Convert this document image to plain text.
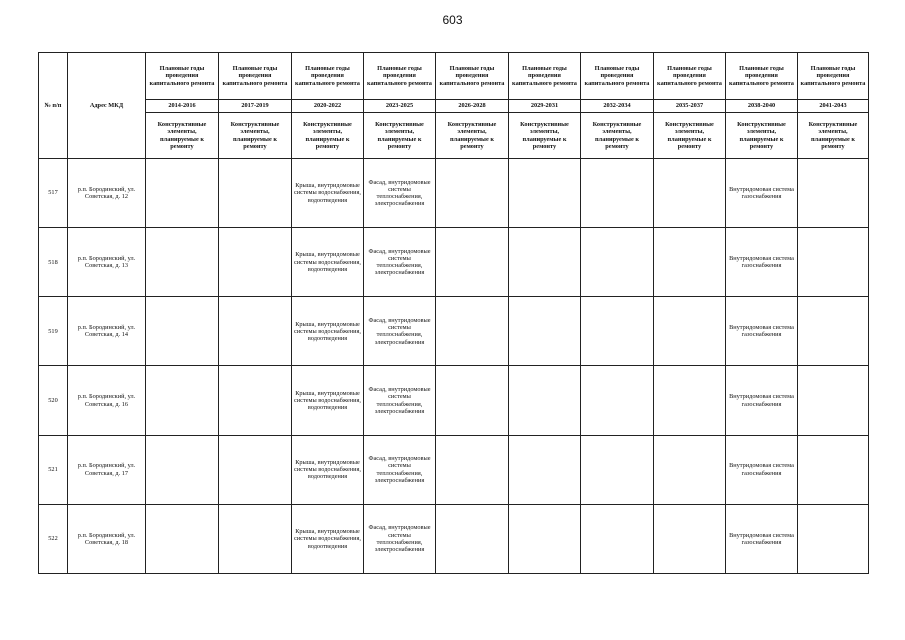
603
№ п/п	Адрес МКД	Плановые годы проведения капитального ремонта	Плановые годы проведения капитального ремонта	Плановые годы проведения капитального ремонта	Плановые годы проведения капитального ремонта	Плановые годы проведения капитального ремонта	Плановые годы проведения капитального ремонта	Плановые годы проведения капитального ремонта	Плановые годы проведения капитального ремонта	Плановые годы проведения капитального ремонта	Плановые годы проведения капитального ремонта
		2014-2016	2017-2019	2020-2022	2023-2025	2026-2028	2029-2031	2032-2034	2035-2037	2038-2040	2041-2043
		Конструктивные элементы, планируемые к ремонту	Конструктивные элементы, планируемые к ремонту	Конструктивные элементы, планируемые к ремонту	Конструктивные элементы, планируемые к ремонту	Конструктивные элементы, планируемые к ремонту	Конструктивные элементы, планируемые к ремонту	Конструктивные элементы, планируемые к ремонту	Конструктивные элементы, планируемые к ремонту	Конструктивные элементы, планируемые к ремонту	Конструктивные элементы, планируемые к ремонту
517	р.п. Бородинский, ул. Советская, д. 12			Крыша, внутридомовые системы водоснабжения, водоотведения	Фасад, внутридомовые системы теплоснабжения, электроснабжения					Внутридомовая система газоснабжения	
518	р.п. Бородинский, ул. Советская, д. 13			Крыша, внутридомовые системы водоснабжения, водоотведения	Фасад, внутридомовые системы теплоснабжения, электроснабжения					Внутридомовая система газоснабжения	
519	р.п. Бородинский, ул. Советская, д. 14			Крыша, внутридомовые системы водоснабжения, водоотведения	Фасад, внутридомовые системы теплоснабжения, электроснабжения					Внутридомовая система газоснабжения	
520	р.п. Бородинский, ул. Советская, д. 16			Крыша, внутридомовые системы водоснабжения, водоотведения	Фасад, внутридомовые системы теплоснабжения, электроснабжения					Внутридомовая система газоснабжения	
521	р.п. Бородинский, ул. Советская, д. 17			Крыша, внутридомовые системы водоснабжения, водоотведения	Фасад, внутридомовые системы теплоснабжения, электроснабжения					Внутридомовая система газоснабжения	
522	р.п. Бородинский, ул. Советская, д. 18			Крыша, внутридомовые системы водоснабжения, водоотведения	Фасад, внутридомовые системы теплоснабжения, электроснабжения					Внутридомовая система газоснабжения	
